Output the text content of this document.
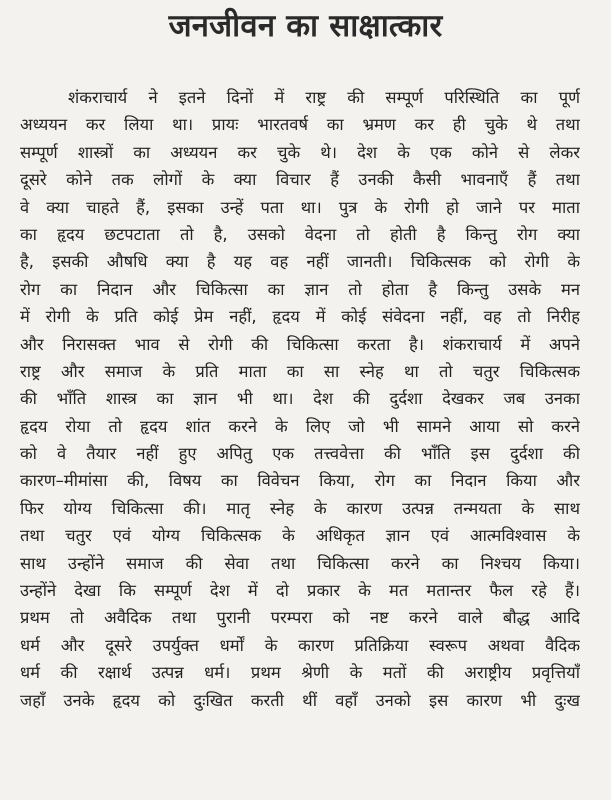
जनजीवन का साक्षात्कार
शंकराचार्य ने इतने दिनों में राष्ट्र की सम्पूर्ण परिस्थिति का पूर्ण
अध्ययन कर लिया था। प्रायः भारतवर्ष का भ्रमण कर ही चुके थे तथा
सम्पूर्ण शास्त्रों का अध्ययन कर चुके थे। देश के एक कोने से लेकर
दूसरे कोने तक लोगों के क्या विचार हैं उनकी कैसी भावनाएँ हैं तथा
वे क्या चाहते हैं, इसका उन्हें पता था। पुत्र के रोगी हो जाने पर माता
का हृदय छटपटाता तो है, उसको वेदना तो होती है किन्तु रोग क्या
है, इसकी औषधि क्या है यह वह नहीं जानती। चिकित्सक को रोगी के
रोग का निदान और चिकित्सा का ज्ञान तो होता है किन्तु उसके मन
में रोगी के प्रति कोई प्रेम नहीं, हृदय में कोई संवेदना नहीं, वह तो निरीह
और निरासक्त भाव से रोगी की चिकित्सा करता है। शंकराचार्य में अपने
राष्ट्र और समाज के प्रति माता का सा स्नेह था तो चतुर चिकित्सक
की भाँति शास्त्र का ज्ञान भी था। देश की दुर्दशा देखकर जब उनका
हृदय रोया तो हृदय शांत करने के लिए जो भी सामने आया सो करने
को वे तैयार नहीं हुए अपितु एक तत्त्ववेत्ता की भाँति इस दुर्दशा की
कारण–मीमांसा की, विषय का विवेचन किया, रोग का निदान किया और
फिर योग्य चिकित्सा की। मातृ स्नेह के कारण उत्पन्न तन्मयता के साथ
तथा चतुर एवं योग्य चिकित्सक के अधिकृत ज्ञान एवं आत्मविश्वास के
साथ उन्होंने समाज की सेवा तथा चिकित्सा करने का निश्चय किया।
उन्होंने देखा कि सम्पूर्ण देश में दो प्रकार के मत मतान्तर फैल रहे हैं।
प्रथम तो अवैदिक तथा पुरानी परम्परा को नष्ट करने वाले बौद्ध आदि
धर्म और दूसरे उपर्युक्त धर्मों के कारण प्रतिक्रिया स्वरूप अथवा वैदिक
धर्म की रक्षार्थ उत्पन्न धर्म। प्रथम श्रेणी के मतों की अराष्ट्रीय प्रवृत्तियाँ
जहाँ उनके हृदय को दुःखित करती थीं वहाँ उनको इस कारण भी दुःख
